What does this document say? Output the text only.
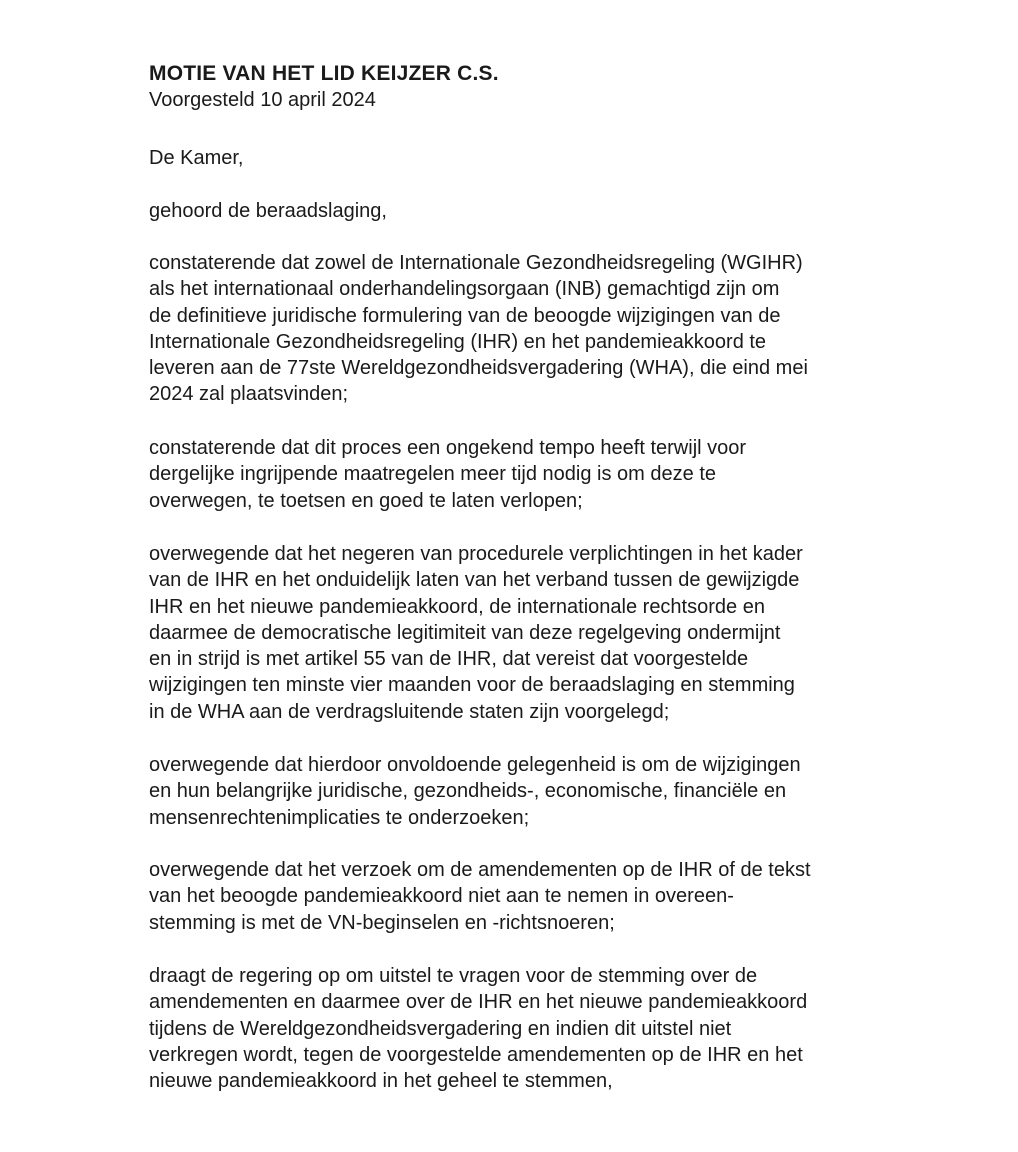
MOTIE VAN HET LID KEIJZER C.S.

Voorgesteld 10 april 2024

De Kamer,

gehoord de beraadslaging,

constaterende dat zowel de Internationale Gezondheidsregeling (WGIHR)
als het internationaal onderhandelingsorgaan (INB) gemachtigd zijn om
de definitieve juridische formulering van de beoogde wijzigingen van de
Internationale Gezondheidsregeling (IHR) en het pandemieakkoord te
leveren aan de 77ste Wereldgezondheidsvergadering (WHA), die eind mei
2024 zal plaatsvinden;

constaterende dat dit proces een ongekend tempo heeft terwijl voor
dergelijke ingrijpende maatregelen meer tijd nodig is om deze te
overwegen, te toetsen en goed te laten verlopen;

overwegende dat het negeren van procedurele verplichtingen in het kader
van de IHR en het onduidelijk laten van het verband tussen de gewijzigde
IHR en het nieuwe pandemieakkoord, de internationale rechtsorde en
daarmee de democratische legitimiteit van deze regelgeving ondermijnt
en in strijd is met artikel 55 van de IHR, dat vereist dat voorgestelde
wijzigingen ten minste vier maanden voor de beraadslaging en stemming
in de WHA aan de verdragsluitende staten zijn voorgelegd;

overwegende dat hierdoor onvoldoende gelegenheid is om de wijzigingen
en hun belangrijke juridische, gezondheids-, economische, financiële en
mensenrechtenimplicaties te onderzoeken;

overwegende dat het verzoek om de amendementen op de IHR of de tekst
van het beoogde pandemieakkoord niet aan te nemen in overeen-
stemming is met de VN-beginselen en -richtsnoeren;

draagt de regering op om uitstel te vragen voor de stemming over de
amendementen en daarmee over de IHR en het nieuwe pandemieakkoord
tijdens de Wereldgezondheidsvergadering en indien dit uitstel niet
verkregen wordt, tegen de voorgestelde amendementen op de IHR en het
nieuwe pandemieakkoord in het geheel te stemmen,
